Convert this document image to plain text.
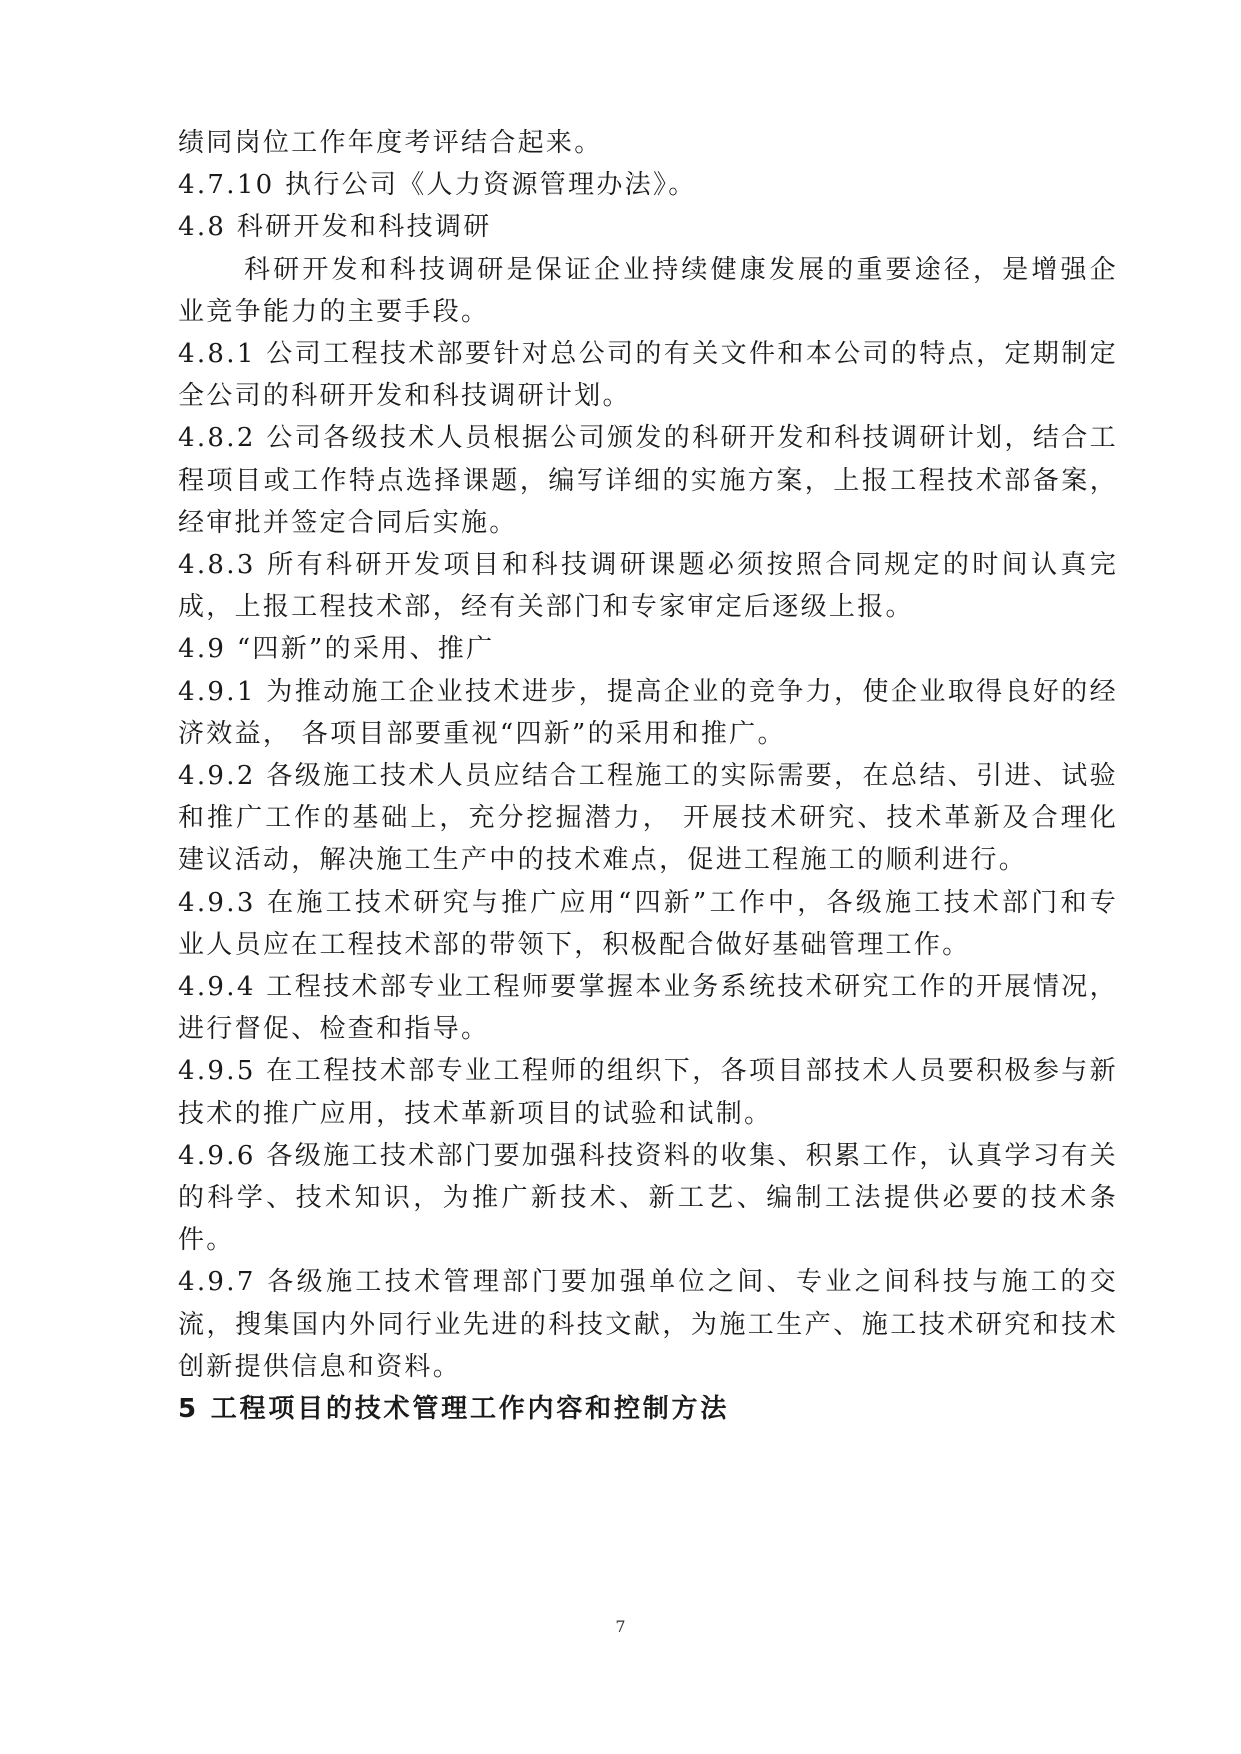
绩同岗位工作年度考评结合起来。

4.7.10 执行公司《人力资源管理办法》。

4.8 科研开发和科技调研

科研开发和科技调研是保证企业持续健康发展的重要途径，是增强企业竞争能力的主要手段。

4.8.1 公司工程技术部要针对总公司的有关文件和本公司的特点，定期制定全公司的科研开发和科技调研计划。

4.8.2 公司各级技术人员根据公司颁发的科研开发和科技调研计划，结合工程项目或工作特点选择课题，编写详细的实施方案，上报工程技术部备案，经审批并签定合同后实施。

4.8.3 所有科研开发项目和科技调研课题必须按照合同规定的时间认真完成，上报工程技术部，经有关部门和专家审定后逐级上报。

4.9 “四新”的采用、推广

4.9.1 为推动施工企业技术进步，提高企业的竞争力，使企业取得良好的经济效益， 各项目部要重视“四新”的采用和推广。

4.9.2 各级施工技术人员应结合工程施工的实际需要，在总结、引进、试验和推广工作的基础上，充分挖掘潜力， 开展技术研究、技术革新及合理化建议活动，解决施工生产中的技术难点，促进工程施工的顺利进行。

4.9.3 在施工技术研究与推广应用“四新”工作中，各级施工技术部门和专业人员应在工程技术部的带领下，积极配合做好基础管理工作。

4.9.4 工程技术部专业工程师要掌握本业务系统技术研究工作的开展情况，进行督促、检查和指导。

4.9.5 在工程技术部专业工程师的组织下，各项目部技术人员要积极参与新技术的推广应用，技术革新项目的试验和试制。

4.9.6 各级施工技术部门要加强科技资料的收集、积累工作，认真学习有关的科学、技术知识，为推广新技术、新工艺、编制工法提供必要的技术条件。

4.9.7 各级施工技术管理部门要加强单位之间、专业之间科技与施工的交流，搜集国内外同行业先进的科技文献，为施工生产、施工技术研究和技术创新提供信息和资料。

5 工程项目的技术管理工作内容和控制方法

7
